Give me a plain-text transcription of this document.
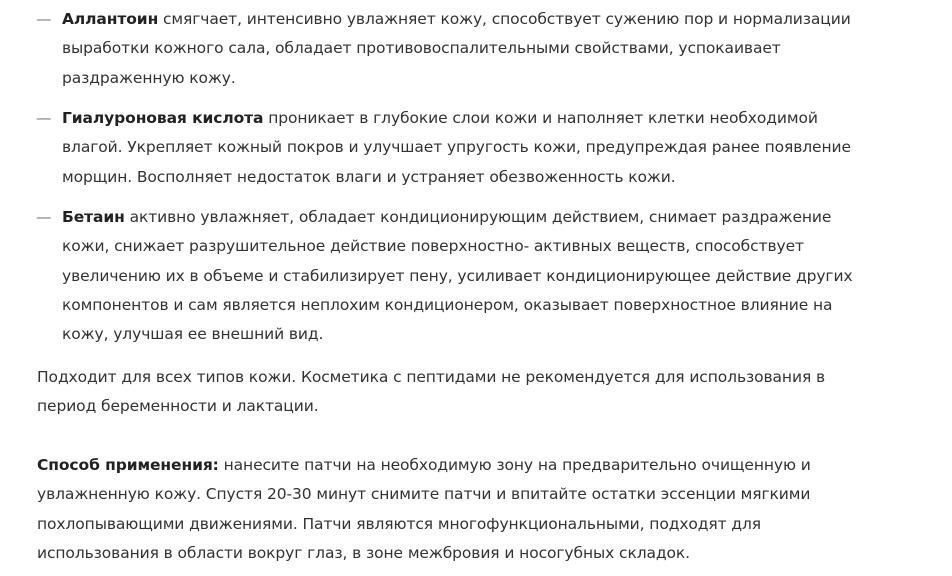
— Аллантоин смягчает, интенсивно увлажняет кожу, способствует сужению пор и нормализации
выработки кожного сала, обладает противовоспалительными свойствами, успокаивает
раздраженную кожу.
— Гиалуроновая кислота проникает в глубокие слои кожи и наполняет клетки необходимой
влагой. Укрепляет кожный покров и улучшает упругость кожи, предупреждая ранее появление
морщин. Восполняет недостаток влаги и устраняет обезвоженность кожи.
— Бетаин активно увлажняет, обладает кондиционирующим действием, снимает раздражение
кожи, снижает разрушительное действие поверхностно- активных веществ, способствует
увеличению их в объеме и стабилизирует пену, усиливает кондиционирующее действие других
компонентов и сам является неплохим кондиционером, оказывает поверхностное влияние на
кожу, улучшая ее внешний вид.
Подходит для всех типов кожи. Косметика с пептидами не рекомендуется для использования в
период беременности и лактации.
Способ применения: нанесите патчи на необходимую зону на предварительно очищенную и
увлажненную кожу. Спустя 20-30 минут снимите патчи и впитайте остатки эссенции мягкими
похлопывающими движениями. Патчи являются многофункциональными, подходят для
использования в области вокруг глаз, в зоне межбровия и носогубных складок.
